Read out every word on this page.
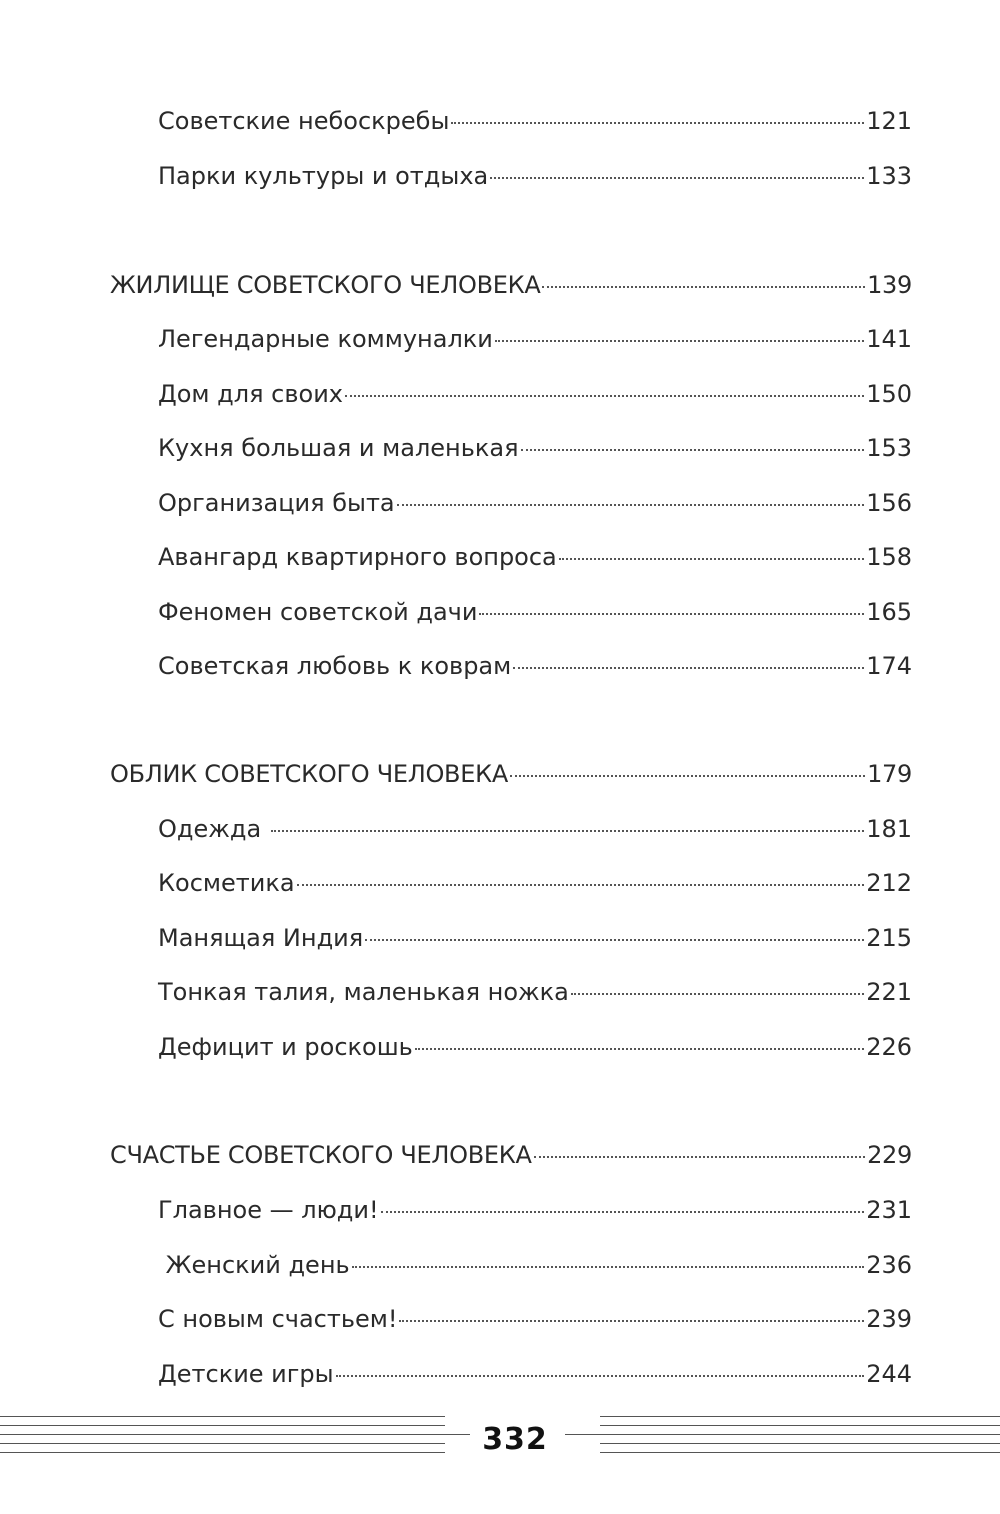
Советские небоскребы	121
Парки культуры и отдыха	133
ЖИЛИЩЕ СОВЕТСКОГО ЧЕЛОВЕКА	139
Легендарные коммуналки	141
Дом для своих	150
Кухня большая и маленькая	153
Организация быта	156
Авангард квартирного вопроса	158
Феномен советской дачи	165
Советская любовь к коврам	174
ОБЛИК СОВЕТСКОГО ЧЕЛОВЕКА	179
Одежда	181
Косметика	212
Манящая Индия	215
Тонкая талия, маленькая ножка	221
Дефицит и роскошь	226
СЧАСТЬЕ СОВЕТСКОГО ЧЕЛОВЕКА	229
Главное — люди!	231
Женский день	236
С новым счастьем!	239
Детские игры	244
332
